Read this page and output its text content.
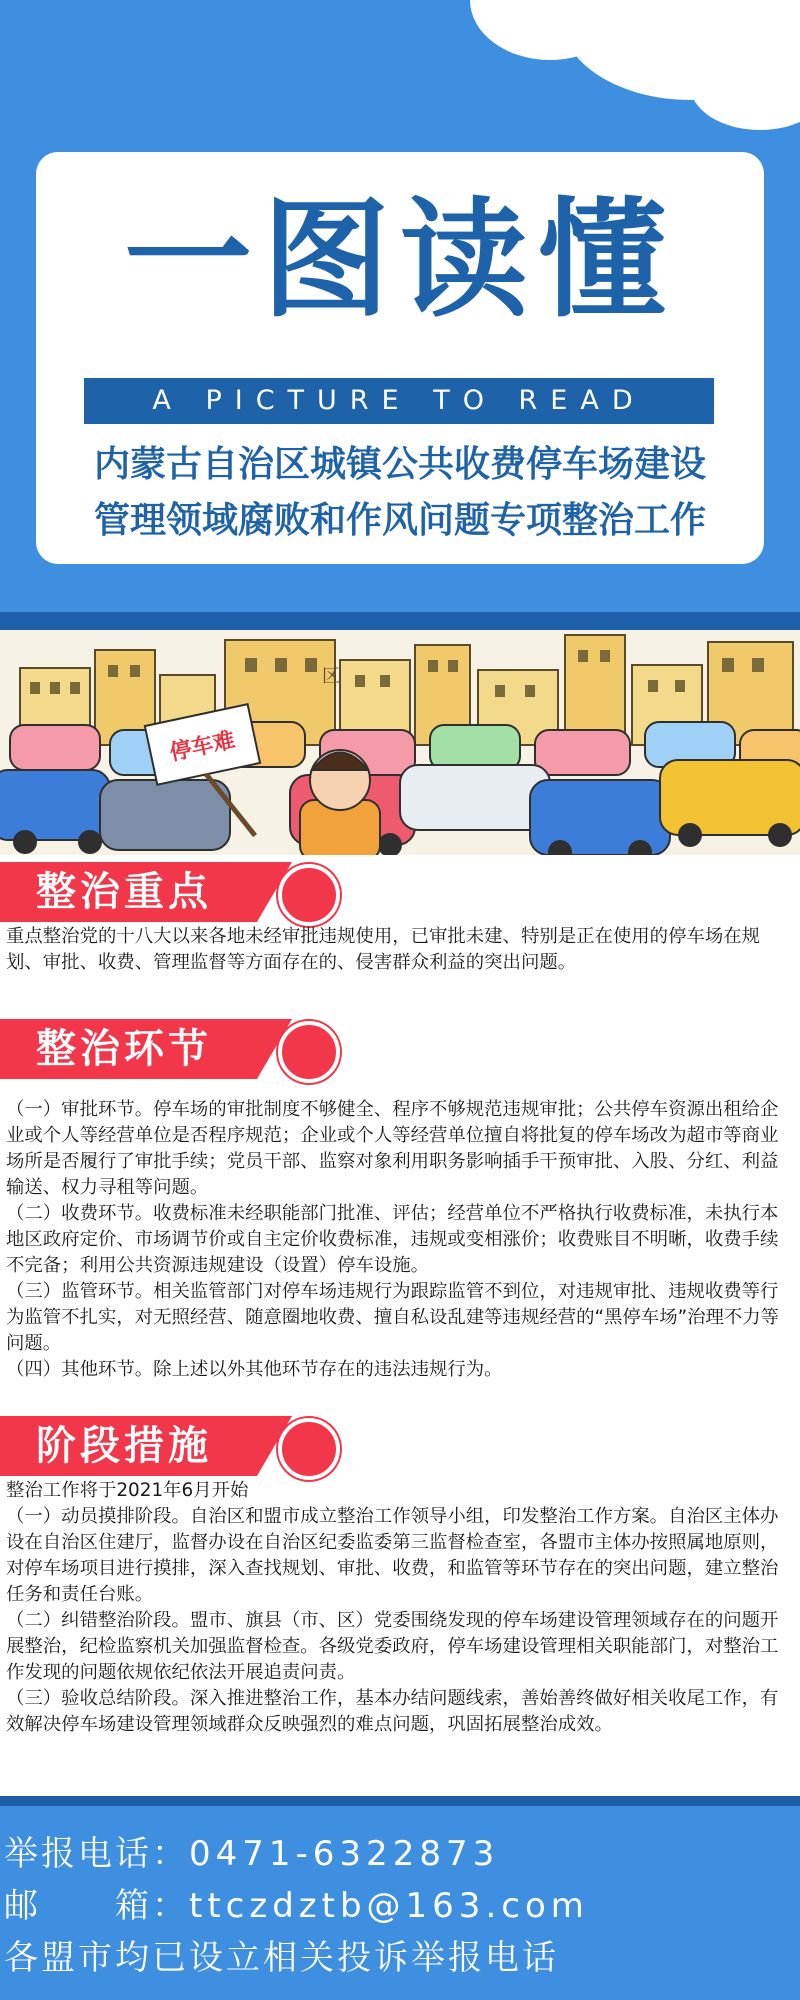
一图读懂
A PICTURE TO READ
内蒙古自治区城镇公共收费停车场建设
管理领域腐败和作风问题专项整治工作
区
停车难
整治重点

重点整治党的十八大以来各地未经审批违规使用，已审批未建、特别是正在使用的停车场在规划、审批、收费、管理监督等方面存在的、侵害群众利益的突出问题。

整治环节

（一）审批环节。停车场的审批制度不够健全、程序不够规范违规审批；公共停车资源出租给企业或个人等经营单位是否程序规范；企业或个人等经营单位擅自将批复的停车场改为超市等商业场所是否履行了审批手续；党员干部、监察对象利用职务影响插手干预审批、入股、分红、利益输送、权力寻租等问题。

（二）收费环节。收费标准未经职能部门批准、评估；经营单位不严格执行收费标准，未执行本地区政府定价、市场调节价或自主定价收费标准，违规或变相涨价；收费账目不明晰，收费手续不完备；利用公共资源违规建设（设置）停车设施。

（三）监管环节。相关监管部门对停车场违规行为跟踪监管不到位，对违规审批、违规收费等行为监管不扎实，对无照经营、随意圈地收费、擅自私设乱建等违规经营的“黑停车场”治理不力等问题。

（四）其他环节。除上述以外其他环节存在的违法违规行为。

阶段措施

整治工作将于2021年6月开始

（一）动员摸排阶段。自治区和盟市成立整治工作领导小组，印发整治工作方案。自治区主体办设在自治区住建厅，监督办设在自治区纪委监委第三监督检查室，各盟市主体办按照属地原则，对停车场项目进行摸排，深入查找规划、审批、收费，和监管等环节存在的突出问题，建立整治任务和责任台账。

（二）纠错整治阶段。盟市、旗县（市、区）党委围绕发现的停车场建设管理领域存在的问题开展整治，纪检监察机关加强监督检查。各级党委政府，停车场建设管理相关职能部门，对整治工作发现的问题依规依纪依法开展追责问责。

（三）验收总结阶段。深入推进整治工作，基本办结问题线索，善始善终做好相关收尾工作，有效解决停车场建设管理领域群众反映强烈的难点问题，巩固拓展整治成效。

举报电话：0471-6322873
邮　　箱：ttczdztb@163.com
各盟市均已设立相关投诉举报电话
